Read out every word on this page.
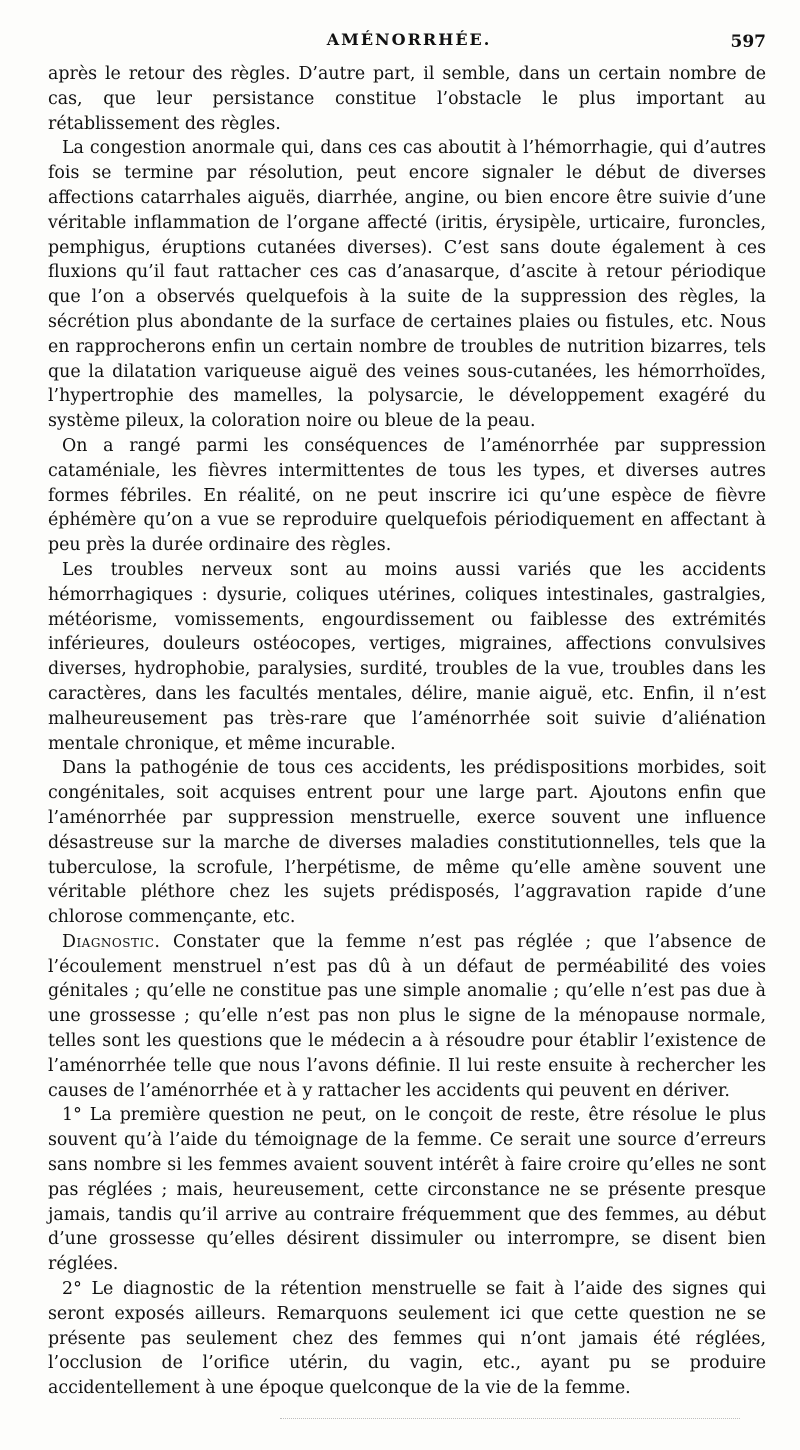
AMÉNORRHÉE.	597

après le retour des règles. D’autre part, il semble, dans un certain nombre de cas, que leur persistance constitue l’obstacle le plus important au rétablissement des règles.

La congestion anormale qui, dans ces cas aboutit à l’hémorrhagie, qui d’autres fois se termine par résolution, peut encore signaler le début de diverses affections catarrhales aiguës, diarrhée, angine, ou bien encore être suivie d’une véritable inflammation de l’organe affecté (iritis, érysipèle, urticaire, furoncles, pemphigus, éruptions cutanées diverses). C’est sans doute également à ces fluxions qu’il faut rattacher ces cas d’anasarque, d’ascite à retour périodique que l’on a observés quelquefois à la suite de la suppression des règles, la sécrétion plus abondante de la surface de certaines plaies ou fistules, etc. Nous en rapprocherons enfin un certain nombre de troubles de nutrition bizarres, tels que la dilatation variqueuse aiguë des veines sous-cutanées, les hémorrhoïdes, l’hypertrophie des mamelles, la polysarcie, le développement exagéré du système pileux, la coloration noire ou bleue de la peau.

On a rangé parmi les conséquences de l’aménorrhée par suppression cataméniale, les fièvres intermittentes de tous les types, et diverses autres formes fébriles. En réalité, on ne peut inscrire ici qu’une espèce de fièvre éphémère qu’on a vue se reproduire quelquefois périodiquement en affectant à peu près la durée ordinaire des règles.

Les troubles nerveux sont au moins aussi variés que les accidents hémorrhagiques : dysurie, coliques utérines, coliques intestinales, gastralgies, météorisme, vomissements, engourdissement ou faiblesse des extrémités inférieures, douleurs ostéocopes, vertiges, migraines, affections convulsives diverses, hydrophobie, paralysies, surdité, troubles de la vue, troubles dans les caractères, dans les facultés mentales, délire, manie aiguë, etc. Enfin, il n’est malheureusement pas très-rare que l’aménorrhée soit suivie d’aliénation mentale chronique, et même incurable.

Dans la pathogénie de tous ces accidents, les prédispositions morbides, soit congénitales, soit acquises entrent pour une large part. Ajoutons enfin que l’aménorrhée par suppression menstruelle, exerce souvent une influence désastreuse sur la marche de diverses maladies constitutionnelles, tels que la tuberculose, la scrofule, l’herpétisme, de même qu’elle amène souvent une véritable pléthore chez les sujets prédisposés, l’aggravation rapide d’une chlorose commençante, etc.

Diagnostic. Constater que la femme n’est pas réglée ; que l’absence de l’écoulement menstruel n’est pas dû à un défaut de perméabilité des voies génitales ; qu’elle ne constitue pas une simple anomalie ; qu’elle n’est pas due à une grossesse ; qu’elle n’est pas non plus le signe de la ménopause normale, telles sont les questions que le médecin a à résoudre pour établir l’existence de l’aménorrhée telle que nous l’avons définie. Il lui reste ensuite à rechercher les causes de l’aménorrhée et à y rattacher les accidents qui peuvent en dériver.

1° La première question ne peut, on le conçoit de reste, être résolue le plus souvent qu’à l’aide du témoignage de la femme. Ce serait une source d’erreurs sans nombre si les femmes avaient souvent intérêt à faire croire qu’elles ne sont pas réglées ; mais, heureusement, cette circonstance ne se présente presque jamais, tandis qu’il arrive au contraire fréquemment que des femmes, au début d’une grossesse qu’elles désirent dissimuler ou interrompre, se disent bien réglées.

2° Le diagnostic de la rétention menstruelle se fait à l’aide des signes qui seront exposés ailleurs. Remarquons seulement ici que cette question ne se présente pas seulement chez des femmes qui n’ont jamais été réglées, l’occlusion de l’orifice utérin, du vagin, etc., ayant pu se produire accidentellement à une époque quelconque de la vie de la femme.
